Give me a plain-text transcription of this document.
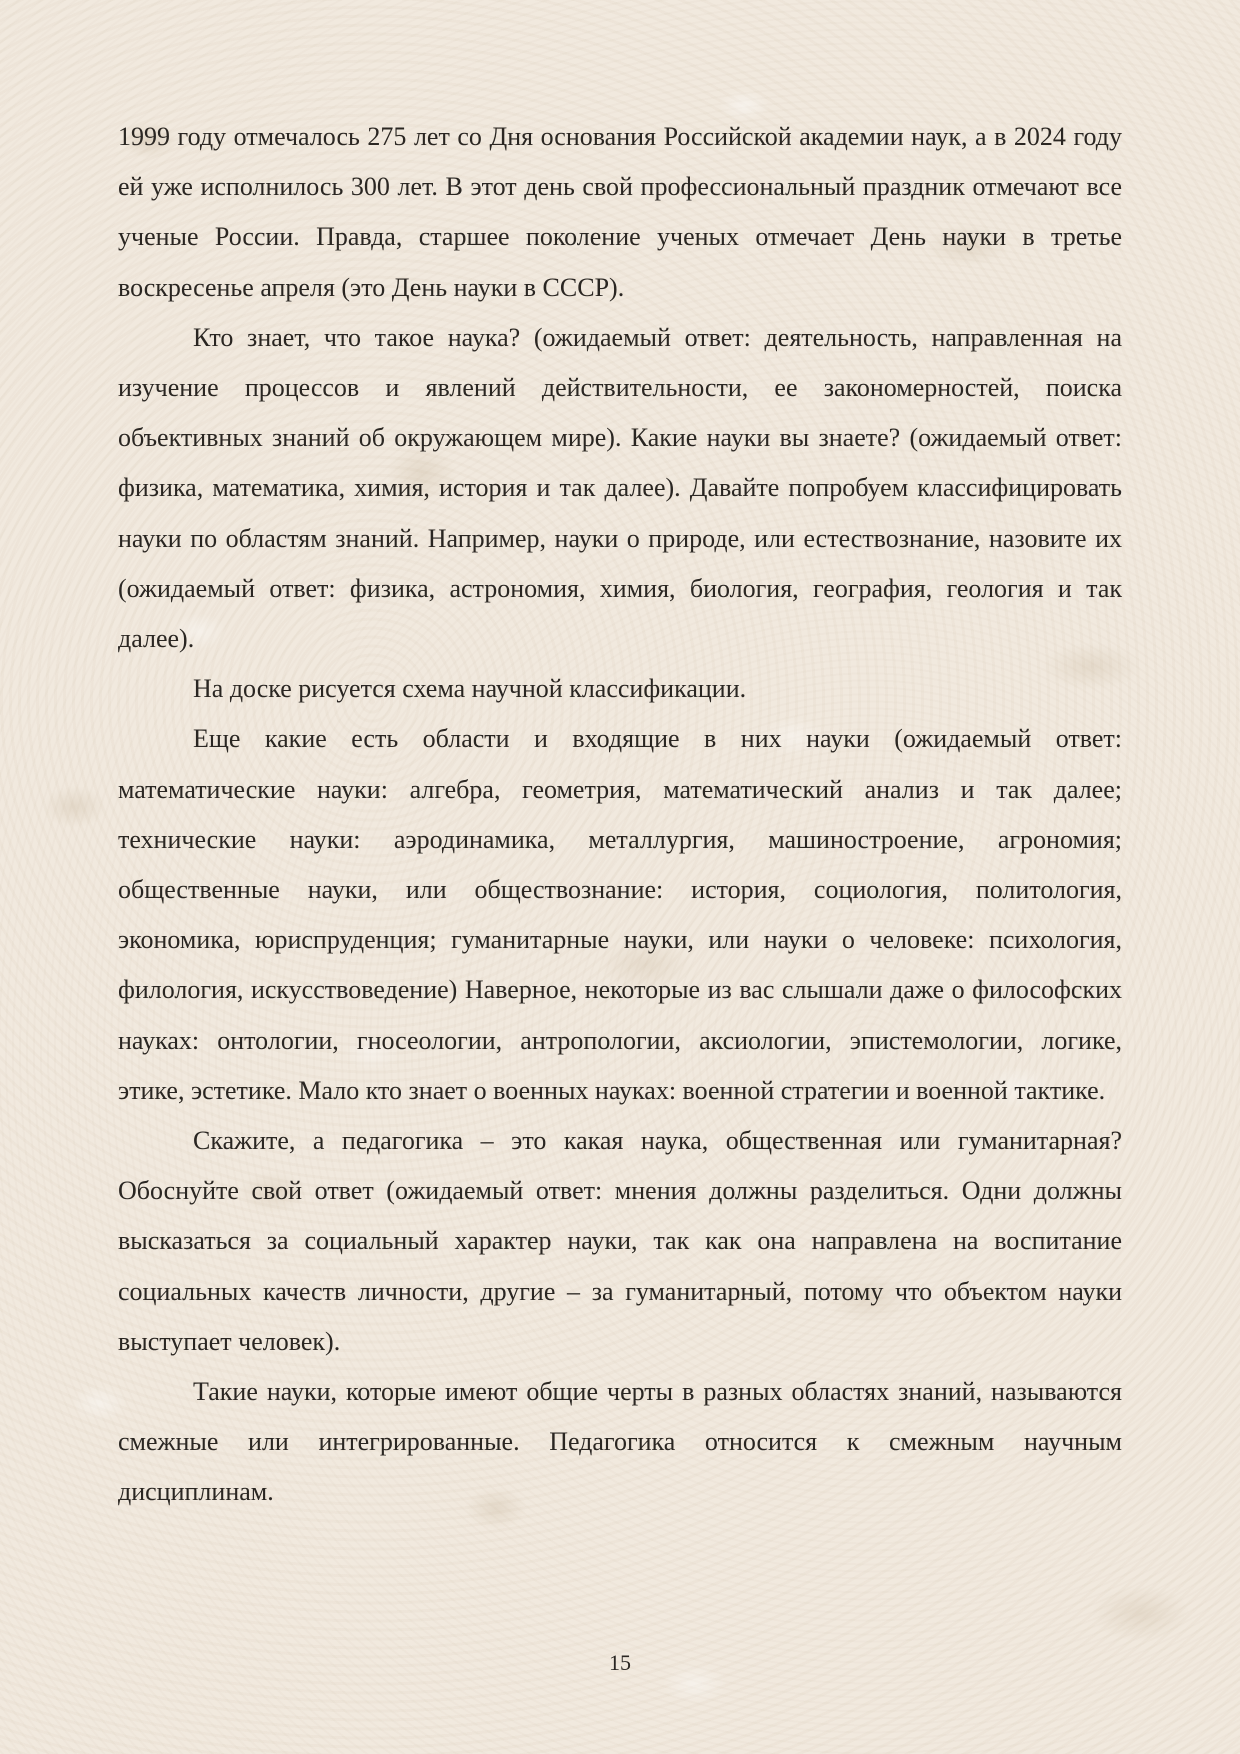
1999 году отмечалось 275 лет со Дня основания Российской академии наук, а в 2024 году ей уже исполнилось 300 лет. В этот день свой профессиональный праздник отмечают все ученые России. Правда, старшее поколение ученых отмечает День науки в третье воскресенье апреля (это День науки в СССР).

Кто знает, что такое наука? (ожидаемый ответ: деятельность, направленная на изучение процессов и явлений действительности, ее закономерностей, поиска объективных знаний об окружающем мире). Какие науки вы знаете? (ожидаемый ответ: физика, математика, химия, история и так далее). Давайте попробуем классифицировать науки по областям знаний. Например, науки о природе, или естествознание, назовите их (ожидаемый ответ: физика, астрономия, химия, биология, география, геология и так далее).

На доске рисуется схема научной классификации.

Еще какие есть области и входящие в них науки (ожидаемый ответ: математические науки: алгебра, геометрия, математический анализ и так далее; технические науки: аэродинамика, металлургия, машиностроение, агрономия; общественные науки, или обществознание: история, социология, политология, экономика, юриспруденция; гуманитарные науки, или науки о человеке: психология, филология, искусствоведение) Наверное, некоторые из вас слышали даже о философских науках: онтологии, гносеологии, антропологии, аксиологии, эпистемологии, логике, этике, эстетике. Мало кто знает о военных науках: военной стратегии и военной тактике.

Скажите, а педагогика – это какая наука, общественная или гуманитарная? Обоснуйте свой ответ (ожидаемый ответ: мнения должны разделиться. Одни должны высказаться за социальный характер науки, так как она направлена на воспитание социальных качеств личности, другие – за гуманитарный, потому что объектом науки выступает человек).

Такие науки, которые имеют общие черты в разных областях знаний, называются смежные или интегрированные. Педагогика относится к смежным научным дисциплинам.

15
